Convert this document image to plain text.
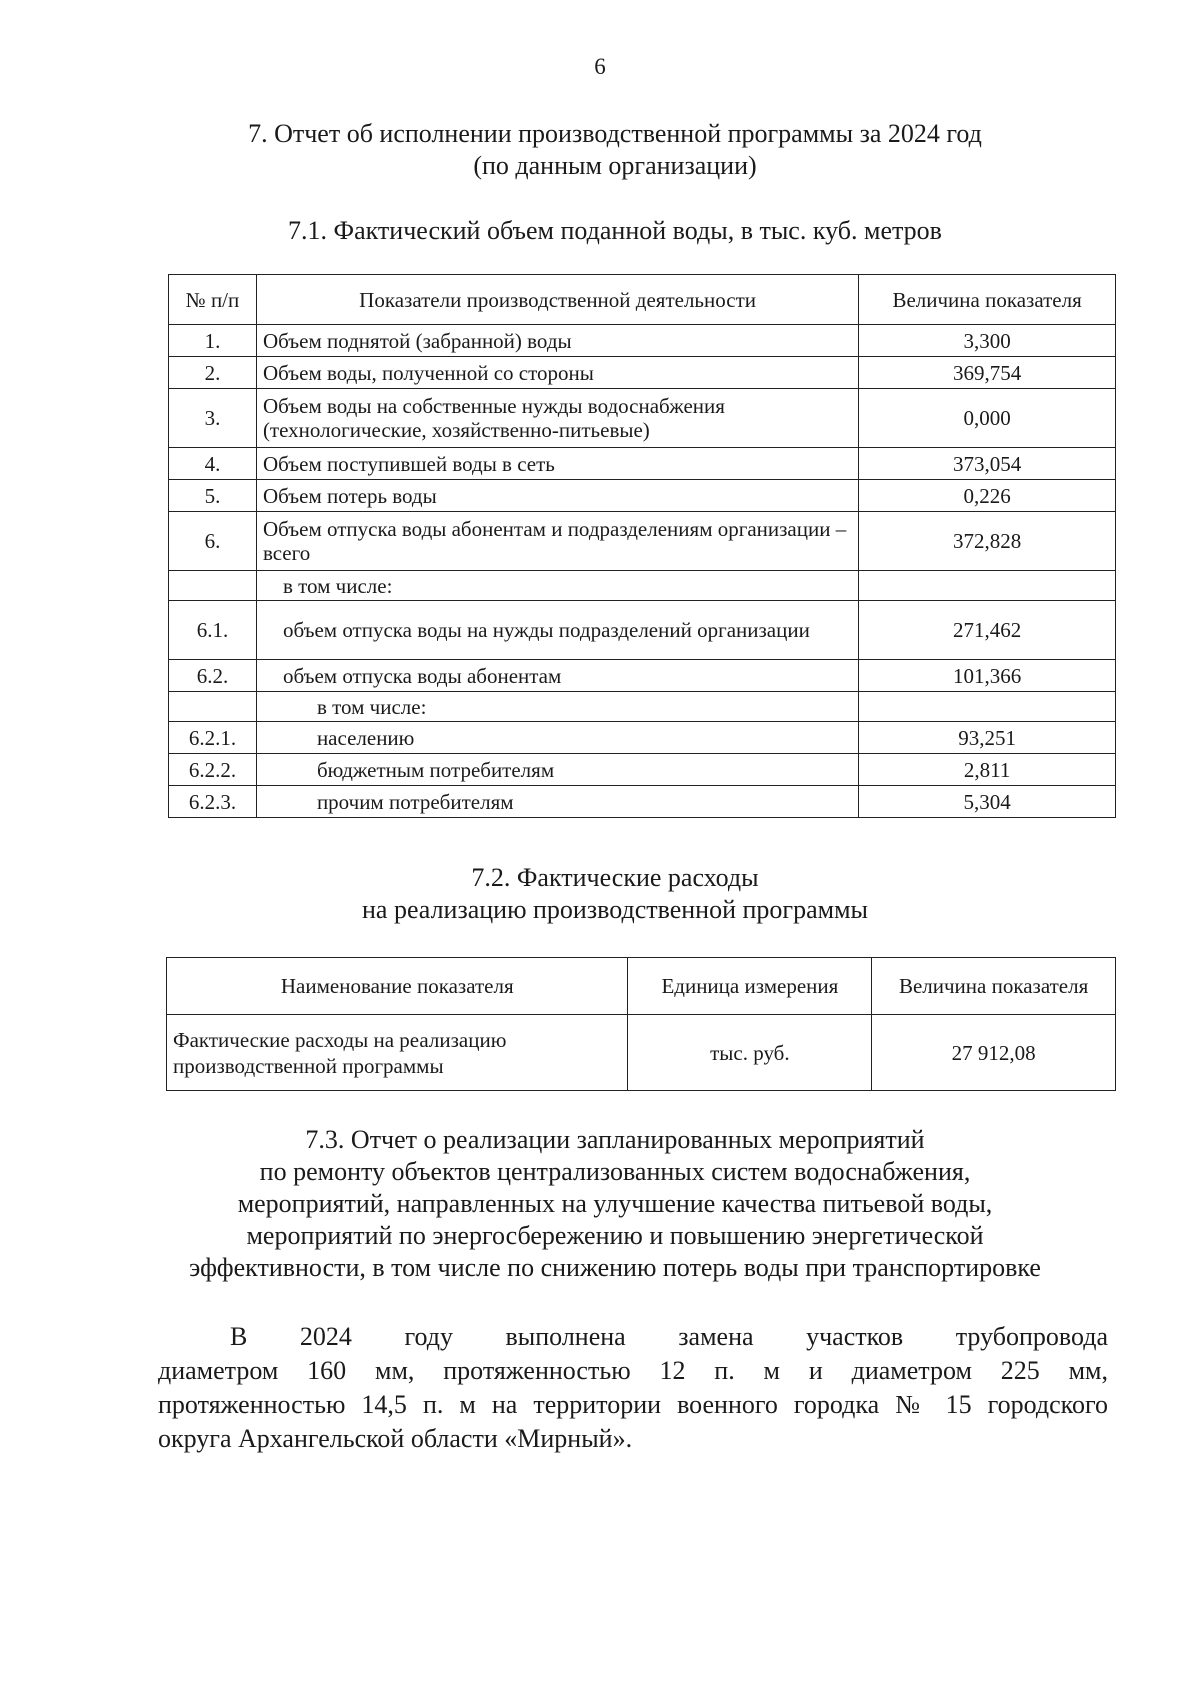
6
7. Отчет об исполнении производственной программы за 2024 год
(по данным организации)
7.1. Фактический объем поданной воды, в тыс. куб. метров
№ п/п	Показатели производственной деятельности	Величина показателя
1.	Объем поднятой (забранной) воды	3,300
2.	Объем воды, полученной со стороны	369,754
3.	Объем воды на собственные нужды водоснабжения (технологические, хозяйственно-питьевые)	0,000
4.	Объем поступившей воды в сеть	373,054
5.	Объем потерь воды	0,226
6.	Объем отпуска воды абонентам и подразделениям организации – всего	372,828
	в том числе:	
6.1.	объем отпуска воды на нужды подразделений организации	271,462
6.2.	объем отпуска воды абонентам	101,366
	в том числе:	
6.2.1.	населению	93,251
6.2.2.	бюджетным потребителям	2,811
6.2.3.	прочим потребителям	5,304
7.2. Фактические расходы
на реализацию производственной программы
Наименование показателя	Единица измерения	Величина показателя
Фактические расходы на реализацию производственной программы	тыс. руб.	27 912,08
7.3. Отчет о реализации запланированных мероприятий
по ремонту объектов централизованных систем водоснабжения,
мероприятий, направленных на улучшение качества питьевой воды,
мероприятий по энергосбережению и повышению энергетической
эффективности, в том числе по снижению потерь воды при транспортировке
В 2024 году выполнена замена участков трубопровода
диаметром 160 мм, протяженностью 12 п. м и диаметром 225 мм,
протяженностью 14,5 п. м на территории военного городка № 15 городского
округа Архангельской области «Мирный».
